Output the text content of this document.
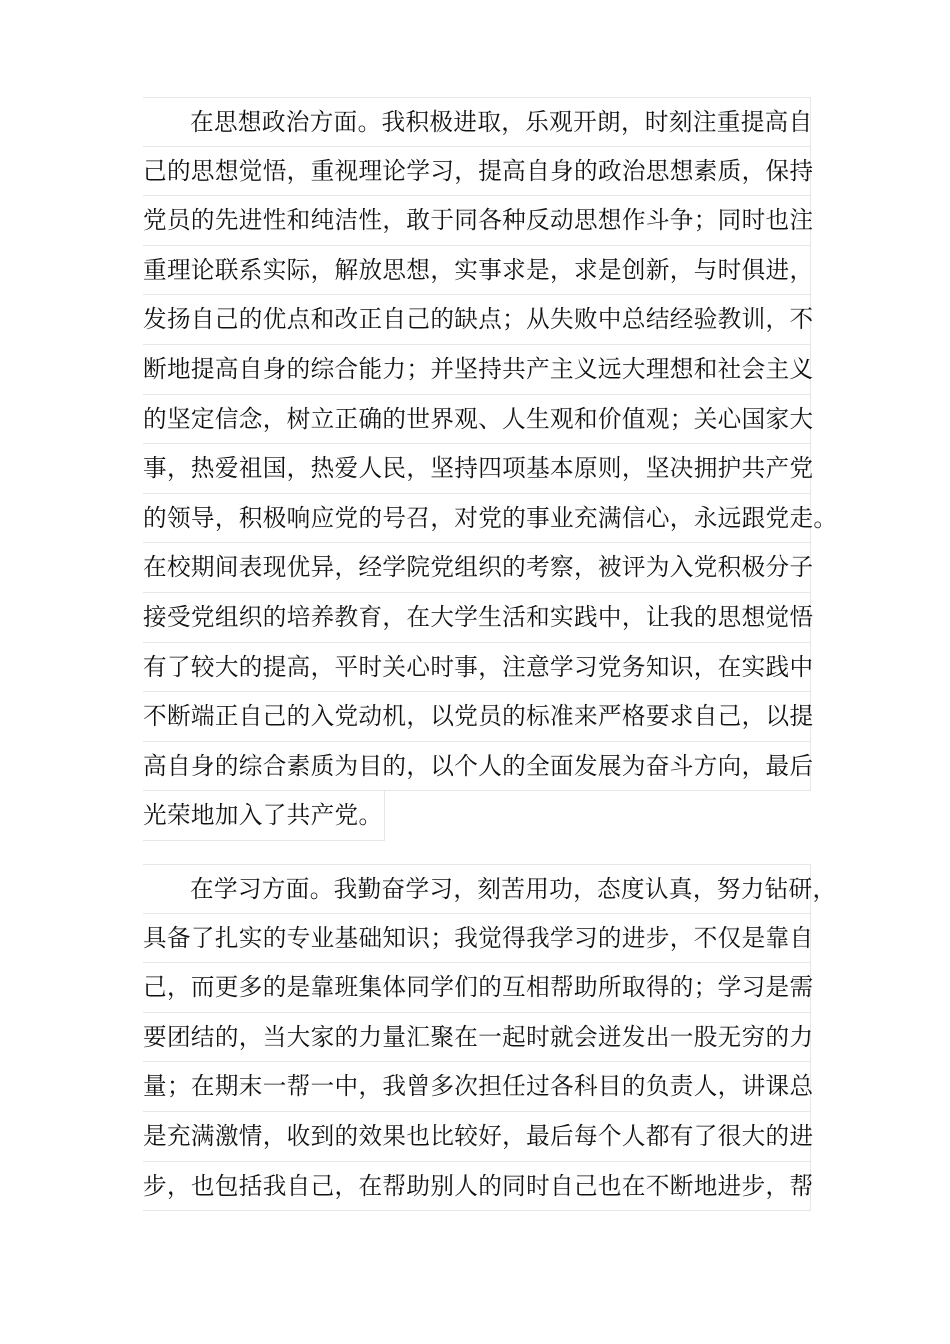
在思想政治方面。我积极进取，乐观开朗，时刻注重提高自
己的思想觉悟，重视理论学习，提高自身的政治思想素质，保持
党员的先进性和纯洁性，敢于同各种反动思想作斗争；同时也注
重理论联系实际，解放思想，实事求是，求是创新，与时俱进，
发扬自己的优点和改正自己的缺点；从失败中总结经验教训，不
断地提高自身的综合能力；并坚持共产主义远大理想和社会主义
的坚定信念，树立正确的世界观、人生观和价值观；关心国家大
事，热爱祖国，热爱人民，坚持四项基本原则，坚决拥护共产党
的领导，积极响应党的号召，对党的事业充满信心，永远跟党走。
在校期间表现优异，经学院党组织的考察，被评为入党积极分子
接受党组织的培养教育，在大学生活和实践中，让我的思想觉悟
有了较大的提高，平时关心时事，注意学习党务知识，在实践中
不断端正自己的入党动机，以党员的标准来严格要求自己，以提
高自身的综合素质为目的，以个人的全面发展为奋斗方向，最后
光荣地加入了共产党。
在学习方面。我勤奋学习，刻苦用功，态度认真，努力钻研，
具备了扎实的专业基础知识；我觉得我学习的进步，不仅是靠自
己，而更多的是靠班集体同学们的互相帮助所取得的；学习是需
要团结的，当大家的力量汇聚在一起时就会迸发出一股无穷的力
量；在期末一帮一中，我曾多次担任过各科目的负责人，讲课总
是充满激情，收到的效果也比较好，最后每个人都有了很大的进
步，也包括我自己，在帮助别人的同时自己也在不断地进步，帮
